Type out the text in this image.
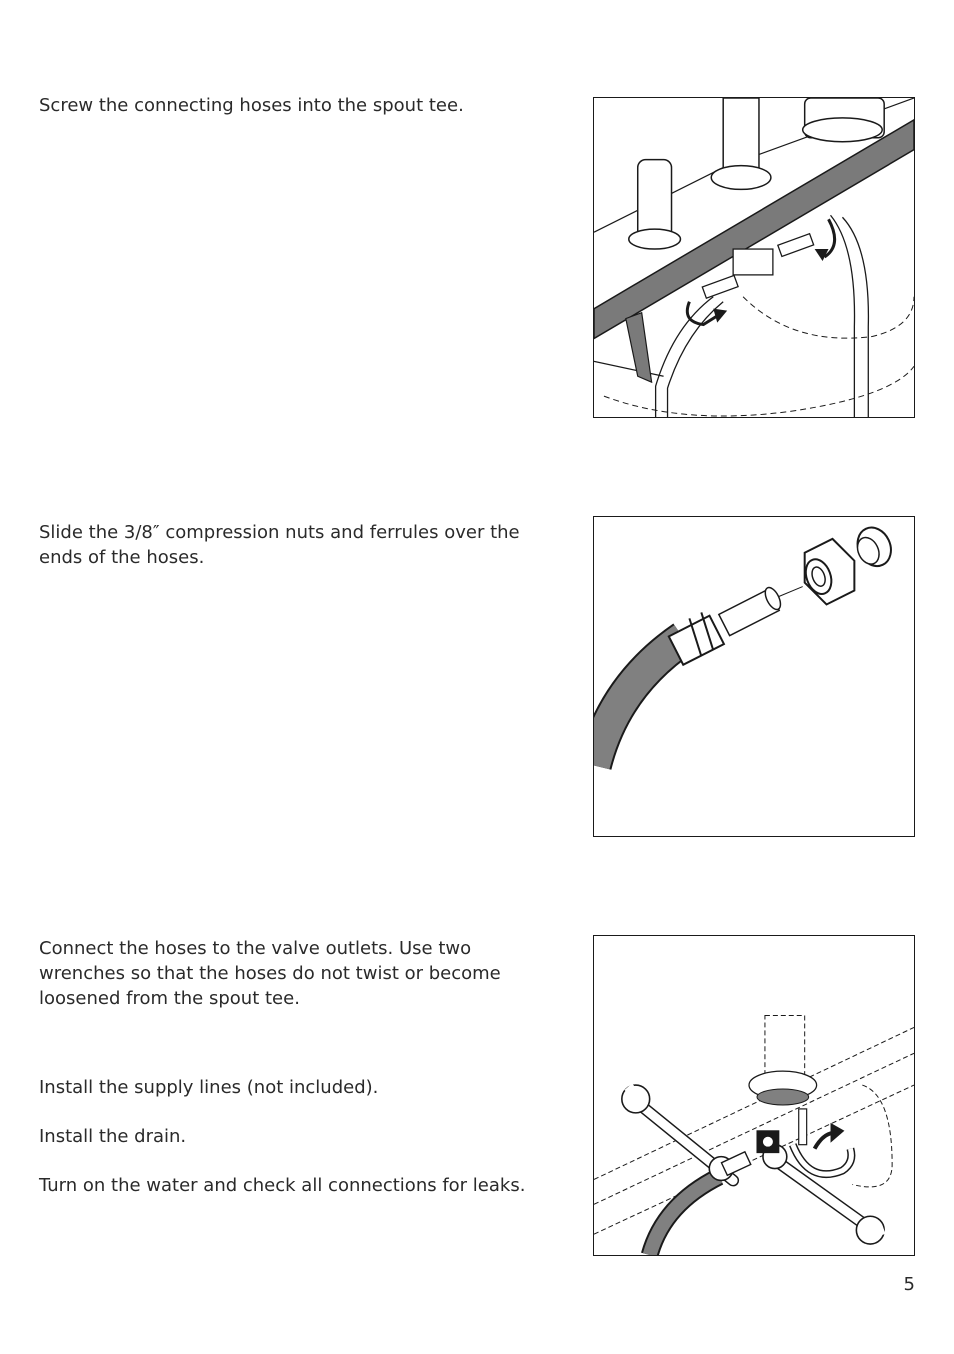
Screw the connecting hoses into the spout tee.

Slide the 3/8″ compression nuts and ferrules over the ends of the hoses.

Connect the hoses to the valve outlets. Use two wrenches so that the hoses do not twist or become loosened from the spout tee.

Install the supply lines (not included).

Install the drain.

Turn on the water and check all connections for leaks.

5
